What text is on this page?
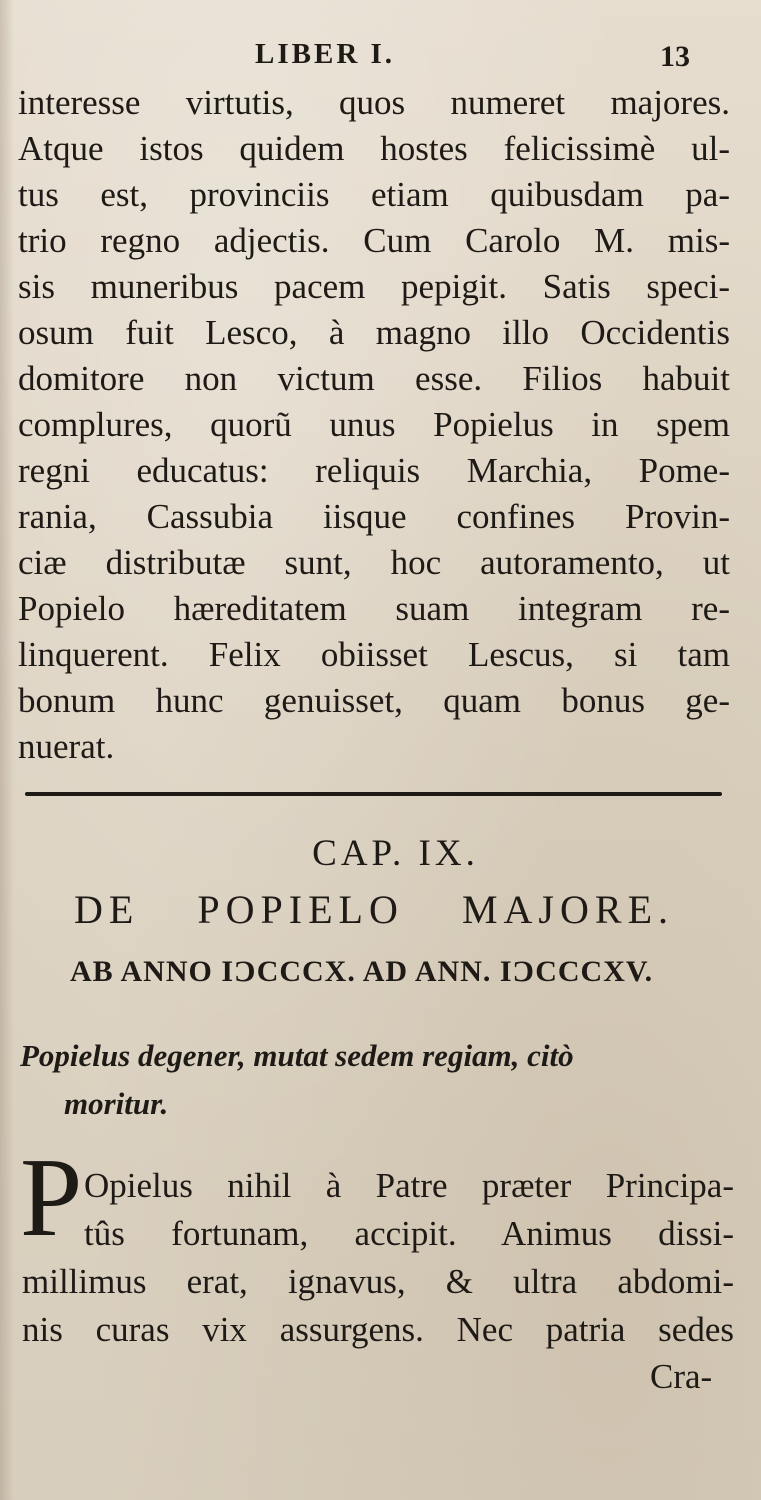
LIBER I.	13
interesse virtutis, quos numeret majores.
Atque istos quidem hostes felicissimè ul-
tus est, provinciis etiam quibusdam pa-
trio regno adjectis. Cum Carolo M. mis-
sis muneribus pacem pepigit. Satis speci-
osum fuit Lesco, à magno illo Occidentis
domitore non victum esse. Filios habuit
complures, quorũ unus Popielus in spem
regni educatus: reliquis Marchia, Pome-
rania, Cassubia iisque confines Provin-
ciæ distributæ sunt, hoc autoramento, ut
Popielo hæreditatem suam integram re-
linquerent. Felix obiisset Lescus, si tam
bonum hunc genuisset, quam bonus ge-
nuerat.
CAP. IX.
DE POPIELO MAJORE.
AB ANNO IϽCCCX. AD ANN. IϽCCCXV.
Popielus degener, mutat sedem regiam, citò
moritur.
P Opielus nihil à Patre præter Principa-
tûs fortunam, accipit. Animus dissi-
millimus erat, ignavus, & ultra abdomi-
nis curas vix assurgens. Nec patria sedes
Cra-
